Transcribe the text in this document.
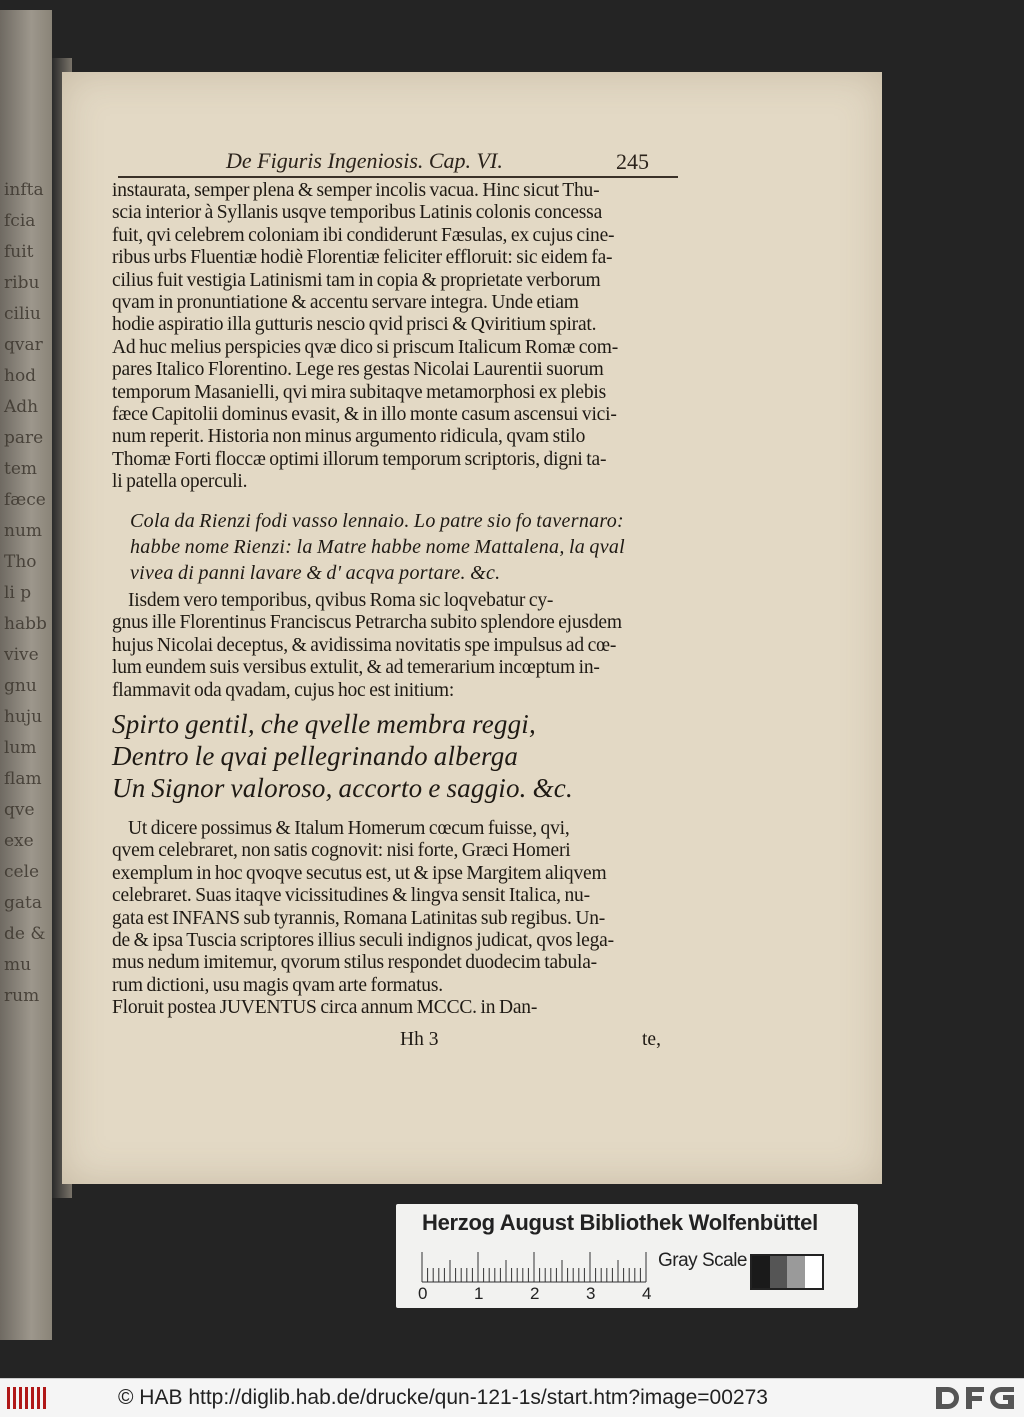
infta
fcia
fuit
ribu
ciliu
qvar
hod
Adh
pare
tem
fæce
num
Tho
li p
habb
vive
gnu
huju
lum
flam
qve
exe
cele
gata
de &
mu
rum
De Figuris Ingeniosis. Cap. VI.	245
instaurata, semper plena & semper incolis vacua. Hinc sicut Thu-
scia interior à Syllanis usqve temporibus Latinis colonis concessa
fuit, qvi celebrem coloniam ibi condiderunt Fæsulas, ex cujus cine-
ribus urbs Fluentiæ hodiè Florentiæ feliciter effloruit: sic eidem fa-
cilius fuit vestigia Latinismi tam in copia & proprietate verborum
qvam in pronuntiatione & accentu servare integra. Unde etiam
hodie aspiratio illa gutturis nescio qvid prisci & Qviritium spirat.
Ad huc melius perspicies qvæ dico si priscum Italicum Romæ com-
pares Italico Florentino. Lege res gestas Nicolai Laurentii suorum
temporum Masanielli, qvi mira subitaqve metamorphosi ex plebis
fæce Capitolii dominus evasit, & in illo monte casum ascensui vici-
num reperit. Historia non minus argumento ridicula, qvam stilo
Thomæ Forti floccæ optimi illorum temporum scriptoris, digni ta-
li patella operculi.
Cola da Rienzi fodi vasso lennaio. Lo patre sio fo tavernaro:
habbe nome Rienzi: la Matre habbe nome Mattalena, la qval
vivea di panni lavare & d' acqva portare. &c.
Iisdem vero temporibus, qvibus Roma sic loqvebatur cy-
gnus ille Florentinus Franciscus Petrarcha subito splendore ejusdem
hujus Nicolai deceptus, & avidissima novitatis spe impulsus ad cœ-
lum eundem suis versibus extulit, & ad temerarium incœptum in-
flammavit oda qvadam, cujus hoc est initium:
Spirto gentil, che qvelle membra reggi,
Dentro le qvai pellegrinando alberga
Un Signor valoroso, accorto e saggio. &c.
Ut dicere possimus & Italum Homerum cœcum fuisse, qvi,
qvem celebraret, non satis cognovit: nisi forte, Græci Homeri
exemplum in hoc qvoqve secutus est, ut & ipse Margitem aliqvem
celebraret. Suas itaqve vicissitudines & lingva sensit Italica, nu-
gata est INFANS sub tyrannis, Romana Latinitas sub regibus. Un-
de & ipsa Tuscia scriptores illius seculi indignos judicat, qvos lega-
mus nedum imitemur, qvorum stilus respondet duodecim tabula-
rum dictioni, usu magis qvam arte formatus.
Floruit postea JUVENTUS circa annum MCCC. in Dan-
Hh 3	te,
Herzog August Bibliothek Wolfenbüttel
0	1	2	3	4
Gray Scale
© HAB http://diglib.hab.de/drucke/qun-121-1s/start.htm?image=00273
